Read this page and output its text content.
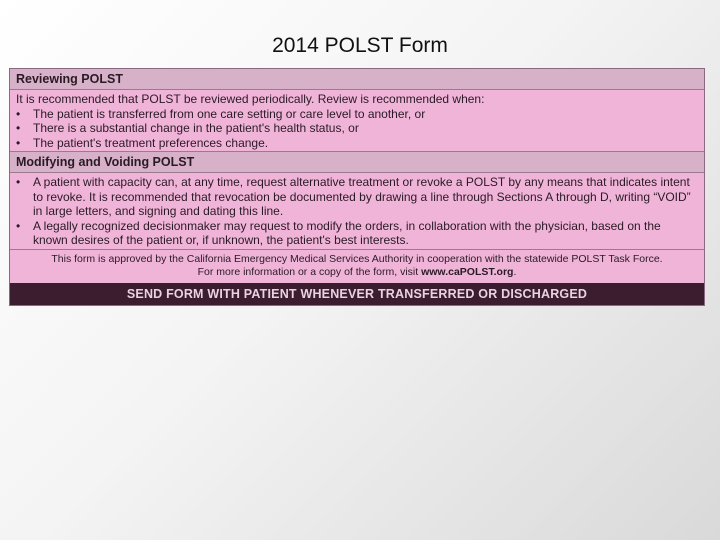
2014 POLST Form
Reviewing POLST

It is recommended that POLST be reviewed periodically. Review is recommended when:

•	The patient is transferred from one care setting or care level to another, or
•	There is a substantial change in the patient's health status, or
•	The patient's treatment preferences change.
Modifying and Voiding POLST
•	A patient with capacity can, at any time, request alternative treatment or revoke a POLST by any means that indicates intent to revoke. It is recommended that revocation be documented by drawing a line through Sections A through D, writing “VOID” in large letters, and signing and dating this line.
•	A legally recognized decisionmaker may request to modify the orders, in collaboration with the physician, based on the known desires of the patient or, if unknown, the patient's best interests.
This form is approved by the California Emergency Medical Services Authority in cooperation with the statewide POLST Task Force.
For more information or a copy of the form, visit www.caPOLST.org.
SEND FORM WITH PATIENT WHENEVER TRANSFERRED OR DISCHARGED
